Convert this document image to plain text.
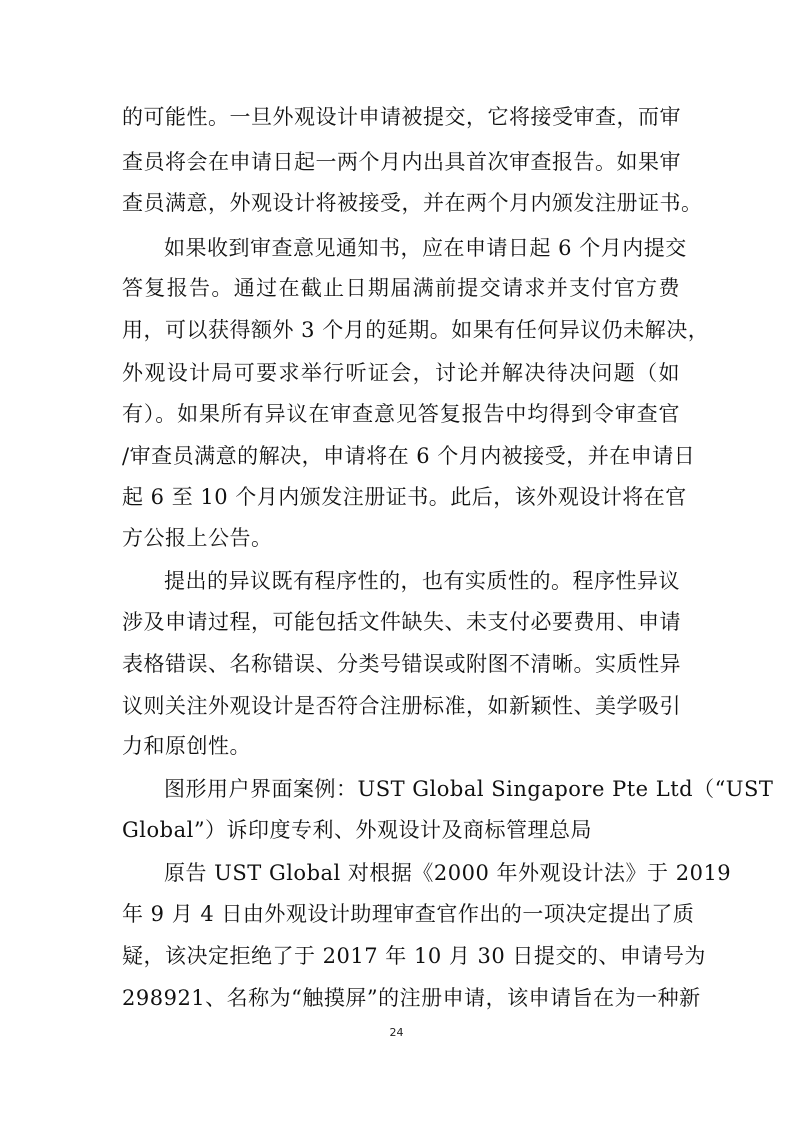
的可能性。一旦外观设计申请被提交，它将接受审查，而审
查员将会在申请日起一两个月内出具首次审查报告。如果审
查员满意，外观设计将被接受，并在两个月内颁发注册证书。
如果收到审查意见通知书，应在申请日起 6 个月内提交
答复报告。通过在截止日期届满前提交请求并支付官方费
用，可以获得额外 3 个月的延期。如果有任何异议仍未解决，
外观设计局可要求举行听证会，讨论并解决待决问题（如
有）。如果所有异议在审查意见答复报告中均得到令审查官
/审查员满意的解决，申请将在 6 个月内被接受，并在申请日
起 6 至 10 个月内颁发注册证书。此后，该外观设计将在官
方公报上公告。
提出的异议既有程序性的，也有实质性的。程序性异议
涉及申请过程，可能包括文件缺失、未支付必要费用、申请
表格错误、名称错误、分类号错误或附图不清晰。实质性异
议则关注外观设计是否符合注册标准，如新颖性、美学吸引
力和原创性。
图形用户界面案例：UST Global Singapore Pte Ltd（“UST
Global”）诉印度专利、外观设计及商标管理总局
原告 UST Global 对根据《2000 年外观设计法》于 2019
年 9 月 4 日由外观设计助理审查官作出的一项决定提出了质
疑，该决定拒绝了于 2017 年 10 月 30 日提交的、申请号为
298921、名称为“触摸屏”的注册申请，该申请旨在为一种新
24
